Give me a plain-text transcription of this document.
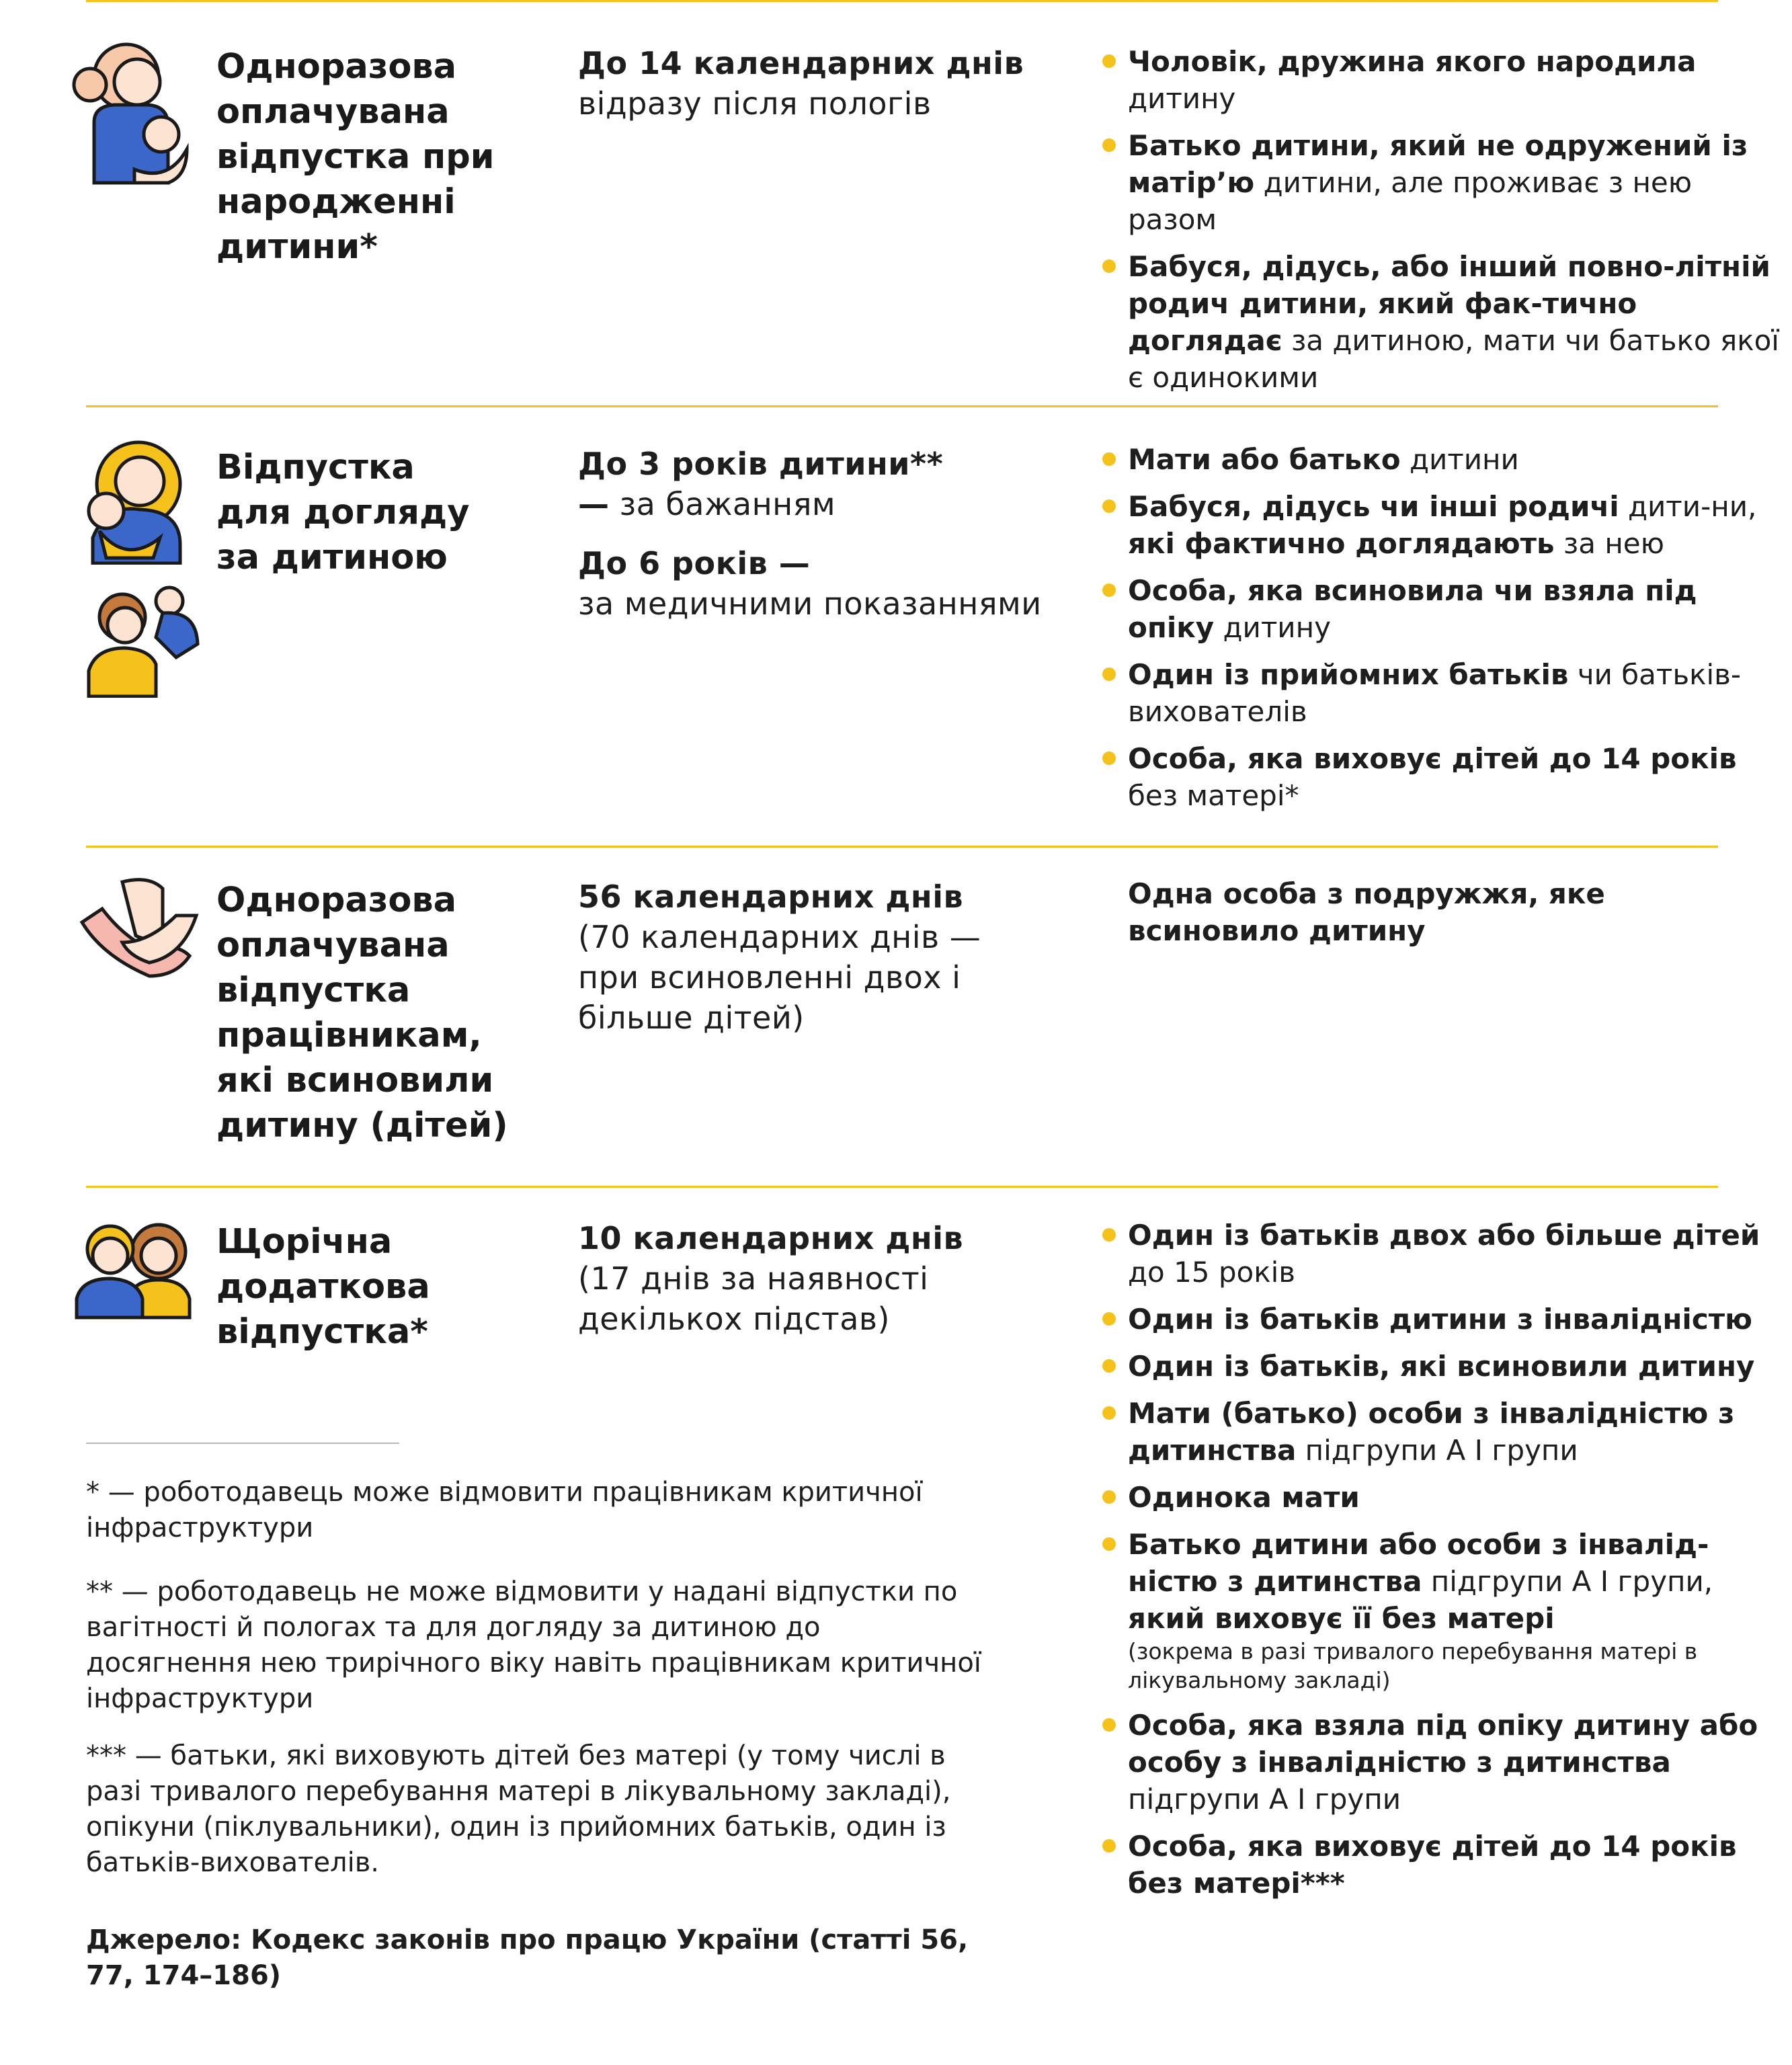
Одноразова
оплачувана
відпустка при
народженні
дитини*

До 14 календарних днів відразу після пологів

Чоловік, дружина якого народила дитину
Батько дитини, який не одружений із матір’ю дитини, але проживає з нею разом
Бабуся, дідусь, або інший повно-літній родич дитини, який фак-тично доглядає за дитиною, мати чи батько якої є одинокими
Відпустка
для догляду
за дитиною

До 3 років дитини**
— за бажанням

До 6 років —
за медичними показаннями

Мати або батько дитини
Бабуся, дідусь чи інші родичі дити-ни, які фактично доглядають за нею
Особа, яка всиновила чи взяла під опіку дитину
Один із прийомних батьків чи батьків-вихователів
Особа, яка виховує дітей до 14 років без матері*
Одноразова
оплачувана
відпустка
працівникам,
які всиновили
дитину (дітей)

56 календарних днів
(70 календарних днів — при всиновленні двох і більше дітей)

Одна особа з подружжя, яке всиновило дитину
Щорічна
додаткова
відпустка*

10 календарних днів
(17 днів за наявності декількох підстав)

Один із батьків двох або більше дітей до 15 років
Один із батьків дитини з інвалідністю
Один із батьків, які всиновили дитину
Мати (батько) особи з інвалідністю з дитинства підгрупи А І групи
Одинока мати
Батько дитини або особи з інвалід-ністю з дитинства підгрупи А І групи, який виховує її без матері
(зокрема в разі тривалого перебування матері в лікувальному закладі)
Особа, яка взяла під опіку дитину або особу з інвалідністю з дитинства підгрупи А І групи
Особа, яка виховує дітей до 14 років без матері***

* — роботодавець може відмовити працівникам критичної інфраструктури

** — роботодавець не може відмовити у надані відпустки по вагітності й пологах та для догляду за дитиною до досягнення нею трирічного віку навіть працівникам критичної інфраструктури

*** — батьки, які виховують дітей без матері (у тому числі в разі тривалого перебування матері в лікувальному закладі), опікуни (піклувальники), один із прийомних батьків, один із батьків-вихователів.

Джерело: Кодекс законів про працю України (статті 56, 77, 174–186)
